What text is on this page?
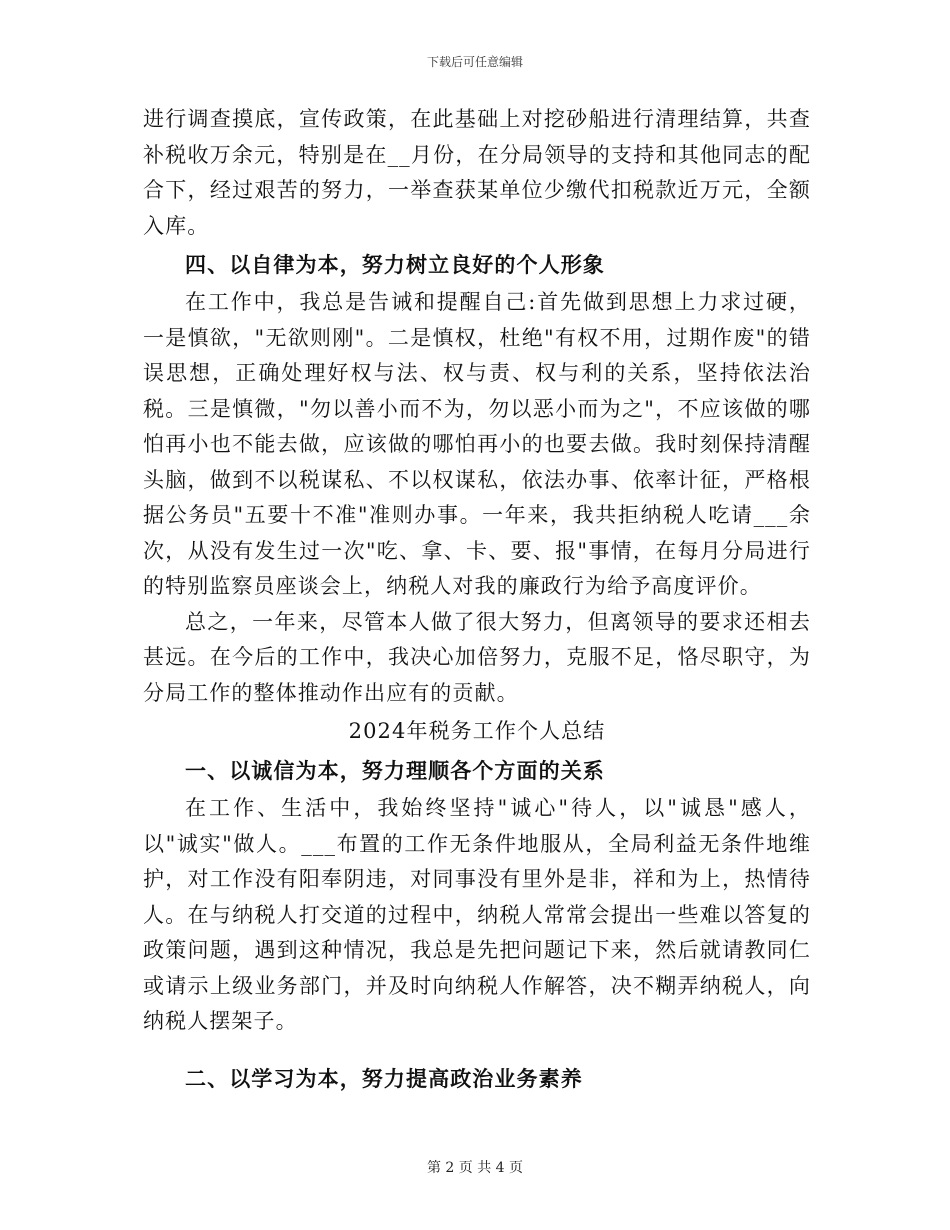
下载后可任意编辑

进行调查摸底，宣传政策，在此基础上对挖砂船进行清理结算，共查补税收万余元，特别是在__月份，在分局领导的支持和其他同志的配合下，经过艰苦的努力，一举查获某单位少缴代扣税款近万元，全额入库。

四、以自律为本，努力树立良好的个人形象

在工作中，我总是告诫和提醒自己:首先做到思想上力求过硬，一是慎欲，"无欲则刚"。二是慎权，杜绝"有权不用，过期作废"的错误思想，正确处理好权与法、权与责、权与利的关系，坚持依法治税。三是慎微，"勿以善小而不为，勿以恶小而为之"，不应该做的哪怕再小也不能去做，应该做的哪怕再小的也要去做。我时刻保持清醒头脑，做到不以税谋私、不以权谋私，依法办事、依率计征，严格根据公务员"五要十不准"准则办事。一年来，我共拒纳税人吃请___余次，从没有发生过一次"吃、拿、卡、要、报"事情，在每月分局进行的特别监察员座谈会上，纳税人对我的廉政行为给予高度评价。

总之，一年来，尽管本人做了很大努力，但离领导的要求还相去甚远。在今后的工作中，我决心加倍努力，克服不足，恪尽职守，为分局工作的整体推动作出应有的贡献。

2024年税务工作个人总结

一、以诚信为本，努力理顺各个方面的关系

在工作、生活中，我始终坚持"诚心"待人，以"诚恳"感人，以"诚实"做人。___布置的工作无条件地服从，全局利益无条件地维护，对工作没有阳奉阴违，对同事没有里外是非，祥和为上，热情待人。在与纳税人打交道的过程中，纳税人常常会提出一些难以答复的政策问题，遇到这种情况，我总是先把问题记下来，然后就请教同仁或请示上级业务部门，并及时向纳税人作解答，决不糊弄纳税人，向纳税人摆架子。

二、以学习为本，努力提高政治业务素养

第 2 页 共 4 页
